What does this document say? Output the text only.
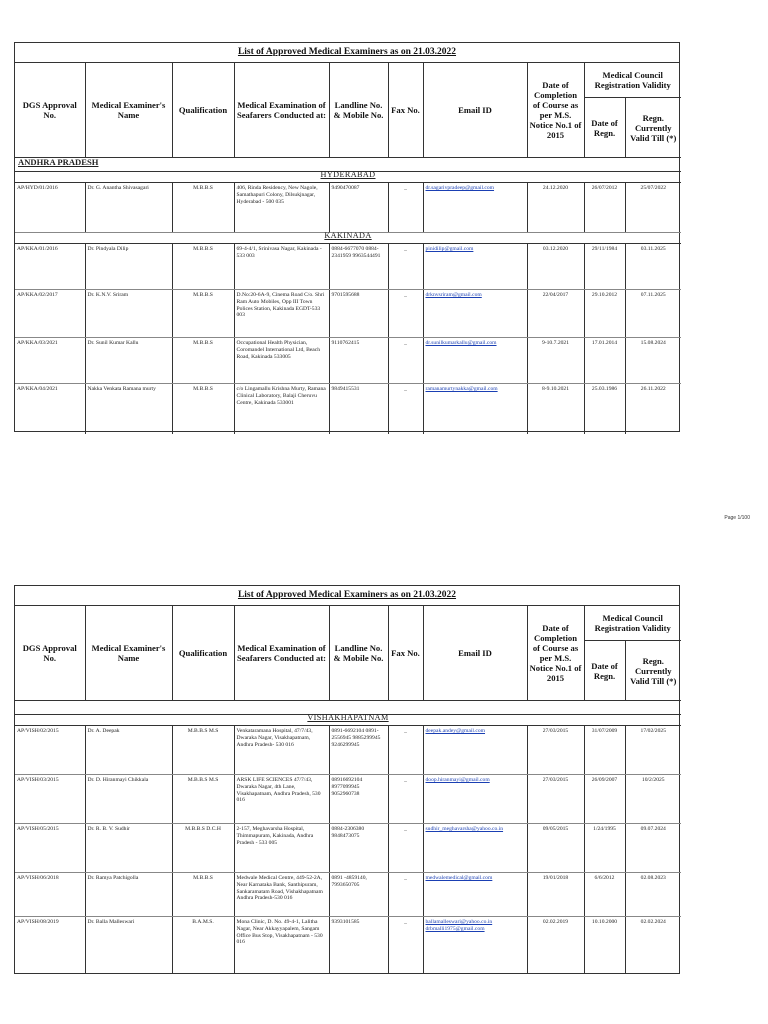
List of Approved Medical Examiners as on 21.03.2022
DGS Approval No.	Medical Examiner's Name	Qualification	Medical Examination of Seafarers Conducted at:	Landline No. & Mobile No.	Fax No.	Email ID	Date of Completion of Course as per M.S. Notice No.1 of 2015	Medical Council Registration Validity	
								Date of Regn.	Regn. Currently Valid Till (*)
ANDHRA PRADESH									
HYDERABAD									
AP/HYD/01/2016	Dr. G. Anantha Shivasagari	M.B.B.S	406, Rinda Residency, New Nagole, Samathapuri Colony, Dilsukjnagar, Hyderabad - 500 035	9490470087	_	dr.sagarivpradeep@gmail.com	24.12.2020	26/07/2012	25/07/2022
KAKINADA									
AP/KKA/01/2016	Dr. Pindyala Dilip	M.B.B.S	69-4-4/1, Srinivasa Nagar, Kakinada - 533 003	0884-6677070 0884-2341959 9963544491	_	pinidilip@gmail.com	03.12.2020	29/11/1984	03.11.2025
AP/KKA/02/2017	Dr. K.N.V. Sriram	M.B.B.S	D.No:20-6A-9, Cinema Road C/o. Shri Ram Auto Mobiles, Opp III Town Polices Station, Kakinada EGDT-533 003	9701595688	_	drknvsriram@gmail.com	22/04/2017	29.10.2012	07.11.2025
AP/KKA/03/2021	Dr. Sunil Kumar Kallu	M.B.B.S	Occupational Health Physician, Coromandel International Ltd, Beach Road, Kakinada 533005	9110762415	_	dr.sunilkumarkallu@gmail.com	9-10.7.2021	17.01.2014	15.08.2024
AP/KKA/04/2021	Nakka Venkata Ramana murty	M.B.B.S	c/o Lingamallu Krishna Murty, Ramana Clinical Laboratory, Balaji Cheruvu Centre, Kakinada 533001	9849415531	_	ramanamurtynakka@gmail.com	8-9.10.2021	25.03.1986	26.11.2022
Page 1/100
List of Approved Medical Examiners as on 21.03.2022
DGS Approval No.	Medical Examiner's Name	Qualification	Medical Examination of Seafarers Conducted at:	Landline No. & Mobile No.	Fax No.	Email ID	Date of Completion of Course as per M.S. Notice No.1 of 2015	Medical Council Registration Validity	
								Date of Regn.	Regn. Currently Valid Till (*)

VISHAKHAPATNAM									
AP/VISH/02/2015	Dr. A. Deepak	M.B.B.S M.S	Venkataramana Hospital, 47/7/43, Dwaraka Nagar, Visakhapatnam, Andhra Pradesh- 530 016	0891-6692104 0891-2556945 9885299945 9246299945	_	deepak.andey@gmail.com	27/03/2015	31/07/2009	17/02/2025
AP/VISH/03/2015	Dr. D. Hiranmayi Chikkala	M.B.B.S M.S	ARSK LIFE SCIENCES 47/7/43, Dwaraka Nagar, 4th Lane, Visakhapatnam, Andhra Pradesh, 530 016	08916692104 8977099945 9052960738	_	doop.hiranmayi@gmail.com	27/03/2015	26/09/2007	10/2/2025
AP/VISH/05/2015	Dr. R. B. V. Sudhir	M.B.B.S D.C.H	2-157, Meghavarsha Hospital, Thimmapuram, Kakinada, Andhra Pradesh - 533 005	0884-2306380 9848473075	_	sudhir_meghavarsha@yahoo.co.in	09/05/2015	1/24/1995	09.07.2024
AP/VISH/06/2018	Dr. Ramya Patchigolla	M.B.B.S	Medwale Medical Centre, 449-52-2A, Near Karnataka Bank, Santhipuram, Sankaramatam Road, Vishakhapatnam Andhra Pradesh-530 016	0891 -4859140, 7993650705	_	medwalemedical@gmail.com	19/01/2018	6/6/2012	02.08.2023
AP/VISH/08/2019	Dr. Balla Malleswari	B.A.M.S.	Mona Clinic, D. No. 49-4-1, Lalitha Nagar, Near Akkayyapalem, Sangam Office Bus Stop, Visakhapatnam - 530 016	9393101585	_	ballamalleswari@yahoo.co.in drbmalli1975@gmail.com	02.02.2019	10.10.2000	02.02.2024
